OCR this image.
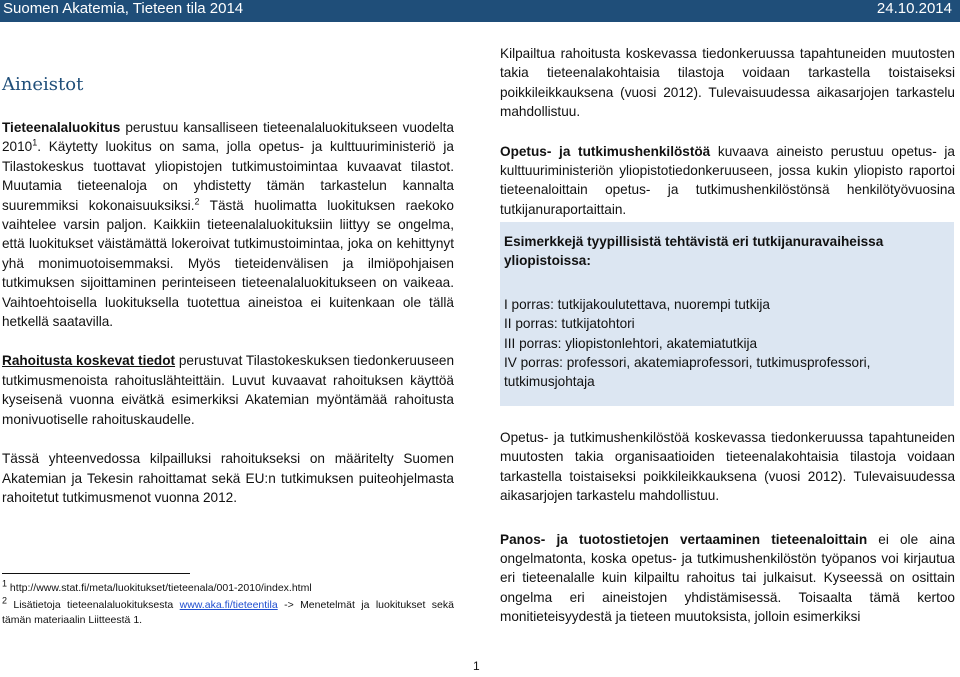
Suomen Akatemia, Tieteen tila 2014	24.10.2014
Aineistot

Tieteenalaluokitus perustuu kansalliseen tieteenalaluokitukseen vuodelta 2010$^1$. Käytetty luokitus on sama, jolla opetus- ja kulttuuriministeriö ja Tilastokeskus tuottavat yliopistojen tutkimustoimintaa kuvaavat tilastot. Muutamia tieteenaloja on yhdistetty tämän tarkastelun kannalta suuremmiksi kokonaisuuksiksi.$^2$ Tästä huolimatta luokituksen raekoko vaihtelee varsin paljon. Kaikkiin tieteenalaluokituksiin liittyy se ongelma, että luokitukset väistämättä lokeroivat tutkimustoimintaa, joka on kehittynyt yhä monimuotoisemmaksi. Myös tieteidenvälisen ja ilmiöpohjaisen tutkimuksen sijoittaminen perinteiseen tieteenalaluokitukseen on vaikeaa. Vaihtoehtoisella luokituksella tuotettua aineistoa ei kuitenkaan ole tällä hetkellä saatavilla.

Rahoitusta koskevat tiedot perustuvat Tilastokeskuksen tiedonkeruuseen tutkimusmenoista rahoituslähteittäin. Luvut kuvaavat rahoituksen käyttöä kyseisenä vuonna eivätkä esimerkiksi Akatemian myöntämää rahoitusta monivuotiselle rahoituskaudelle.

Tässä yhteenvedossa kilpailluksi rahoitukseksi on määritelty Suomen Akatemian ja Tekesin rahoittamat sekä EU:n tutkimuksen puiteohjelmasta rahoitetut tutkimusmenot vuonna 2012.

1 http://www.stat.fi/meta/luokitukset/tieteenala/001-2010/index.html
2 Lisätietoja tieteenalaluokituksesta www.aka.fi/tieteentila -> Menetelmät ja luokitukset sekä tämän materiaalin Liitteestä 1.

Kilpailtua rahoitusta koskevassa tiedonkeruussa tapahtuneiden muutosten takia tieteenalakohtaisia tilastoja voidaan tarkastella toistaiseksi poikkileikkauksena (vuosi 2012). Tulevaisuudessa aikasarjojen tarkastelu mahdollistuu.

Opetus- ja tutkimushenkilöstöä kuvaava aineisto perustuu opetus- ja kulttuuriministeriön yliopistotiedonkeruuseen, jossa kukin yliopisto raportoi tieteenaloittain opetus- ja tutkimushenkilöstönsä henkilötyövuosina tutkijanuraportaittain.

Esimerkkejä tyypillisistä tehtävistä eri tutkijanuravaiheissa yliopistoissa:
I porras: tutkijakoulutettava, nuorempi tutkija
II porras: tutkijatohtori
III porras: yliopistonlehtori, akatemiatutkija
IV porras: professori, akatemiaprofessori, tutkimusprofessori, tutkimusjohtaja

Opetus- ja tutkimushenkilöstöä koskevassa tiedonkeruussa tapahtuneiden muutosten takia organisaatioiden tieteenalakohtaisia tilastoja voidaan tarkastella toistaiseksi poikkileikkauksena (vuosi 2012). Tulevaisuudessa aikasarjojen tarkastelu mahdollistuu.

Panos- ja tuotostietojen vertaaminen tieteenaloittain ei ole aina ongelmatonta, koska opetus- ja tutkimushenkilöstön työpanos voi kirjautua eri tieteenalalle kuin kilpailtu rahoitus tai julkaisut. Kyseessä on osittain ongelma eri aineistojen yhdistämisessä. Toisaalta tämä kertoo monitieteisyydestä ja tieteen muutoksista, jolloin esimerkiksi

1
